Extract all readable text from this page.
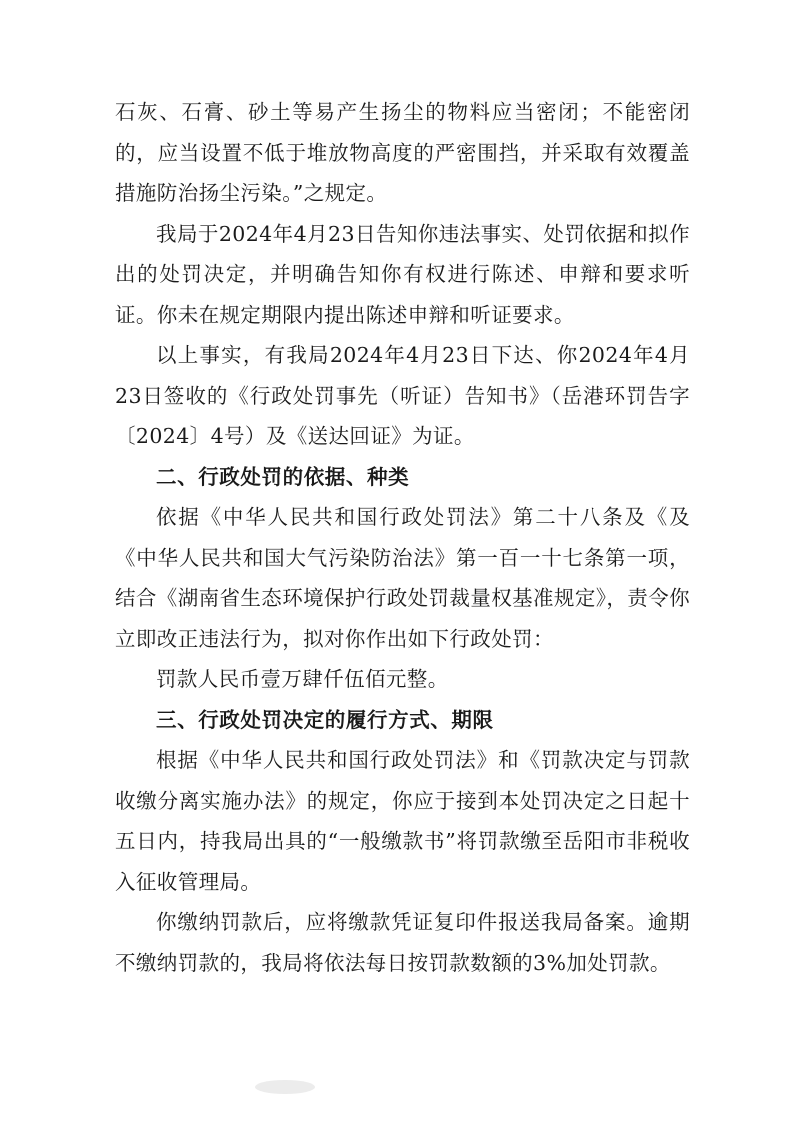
石灰、石膏、砂土等易产生扬尘的物料应当密闭；不能密闭的，应当设置不低于堆放物高度的严密围挡，并采取有效覆盖措施防治扬尘污染。”之规定。

我局于2024年4月23日告知你违法事实、处罚依据和拟作出的处罚决定，并明确告知你有权进行陈述、申辩和要求听证。你未在规定期限内提出陈述申辩和听证要求。

以上事实，有我局2024年4月23日下达、你2024年4月23日签收的《行政处罚事先（听证）告知书》（岳港环罚告字〔2024〕4号）及《送达回证》为证。

二、行政处罚的依据、种类

依据《中华人民共和国行政处罚法》第二十八条及《及《中华人民共和国大气污染防治法》第一百一十七条第一项，结合《湖南省生态环境保护行政处罚裁量权基准规定》，责令你立即改正违法行为，拟对你作出如下行政处罚：

罚款人民币壹万肆仟伍佰元整。

三、行政处罚决定的履行方式、期限

根据《中华人民共和国行政处罚法》和《罚款决定与罚款收缴分离实施办法》的规定，你应于接到本处罚决定之日起十五日内，持我局出具的“一般缴款书”将罚款缴至岳阳市非税收入征收管理局。

你缴纳罚款后，应将缴款凭证复印件报送我局备案。逾期不缴纳罚款的，我局将依法每日按罚款数额的3%加处罚款。
